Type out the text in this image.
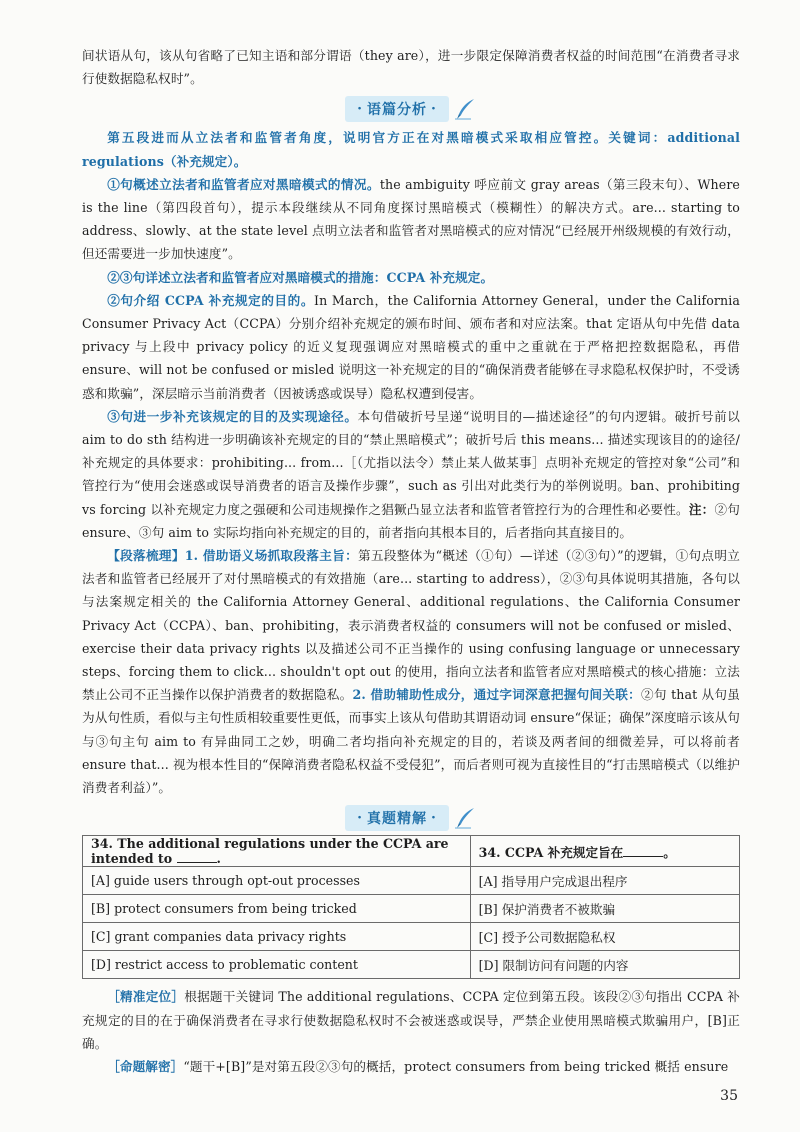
间状语从句，该从句省略了已知主语和部分谓语（they are），进一步限定保障消费者权益的时间范围“在消费者寻求行使数据隐私权时”。

· 语篇分析 ·

第五段进而从立法者和监管者角度，说明官方正在对黑暗模式采取相应管控。关键词：additional regulations（补充规定）。

①句概述立法者和监管者应对黑暗模式的情况。the ambiguity 呼应前文 gray areas（第三段末句）、Where is the line（第四段首句），提示本段继续从不同角度探讨黑暗模式（模糊性）的解决方式。are... starting to address、slowly、at the state level 点明立法者和监管者对黑暗模式的应对情况“已经展开州级规模的有效行动，但还需要进一步加快速度”。

②③句详述立法者和监管者应对黑暗模式的措施：CCPA 补充规定。

②句介绍 CCPA 补充规定的目的。In March，the California Attorney General，under the California Consumer Privacy Act（CCPA）分别介绍补充规定的颁布时间、颁布者和对应法案。that 定语从句中先借 data privacy 与上段中 privacy policy 的近义复现强调应对黑暗模式的重中之重就在于严格把控数据隐私，再借 ensure、will not be confused or misled 说明这一补充规定的目的“确保消费者能够在寻求隐私权保护时，不受诱惑和欺骗”，深层暗示当前消费者（因被诱惑或误导）隐私权遭到侵害。

③句进一步补充该规定的目的及实现途径。本句借破折号呈递“说明目的—描述途径”的句内逻辑。破折号前以 aim to do sth 结构进一步明确该补充规定的目的“禁止黑暗模式”；破折号后 this means... 描述实现该目的的途径/补充规定的具体要求：prohibiting... from...［（尤指以法令）禁止某人做某事］点明补充规定的管控对象“公司”和管控行为“使用会迷惑或误导消费者的语言及操作步骤”，such as 引出对此类行为的举例说明。ban、prohibiting vs forcing 以补充规定力度之强硬和公司违规操作之猖獗凸显立法者和监管者管控行为的合理性和必要性。注：②句 ensure、③句 aim to 实际均指向补充规定的目的，前者指向其根本目的，后者指向其直接目的。

【段落梳理】1. 借助语义场抓取段落主旨：第五段整体为“概述（①句）—详述（②③句）”的逻辑，①句点明立法者和监管者已经展开了对付黑暗模式的有效措施（are... starting to address），②③句具体说明其措施，各句以与法案规定相关的 the California Attorney General、additional regulations、the California Consumer Privacy Act（CCPA）、ban、prohibiting，表示消费者权益的 consumers will not be confused or misled、exercise their data privacy rights 以及描述公司不正当操作的 using confusing language or unnecessary steps、forcing them to click... shouldn't opt out 的使用，指向立法者和监管者应对黑暗模式的核心措施：立法禁止公司不正当操作以保护消费者的数据隐私。2. 借助辅助性成分，通过字词深意把握句间关联：②句 that 从句虽为从句性质，看似与主句性质相较重要性更低，而事实上该从句借助其谓语动词 ensure“保证；确保”深度暗示该从句与③句主句 aim to 有异曲同工之妙，明确二者均指向补充规定的目的，若谈及两者间的细微差异，可以将前者 ensure that... 视为根本性目的“保障消费者隐私权益不受侵犯”，而后者则可视为直接性目的“打击黑暗模式（以维护消费者利益）”。

· 真题精解 ·
34. The additional regulations under the CCPA are intended to .	34. CCPA 补充规定旨在 。
[A] guide users through opt-out processes	[A] 指导用户完成退出程序
[B] protect consumers from being tricked	[B] 保护消费者不被欺骗
[C] grant companies data privacy rights	[C] 授予公司数据隐私权
[D] restrict access to problematic content	[D] 限制访问有问题的内容

［精准定位］根据题干关键词 The additional regulations、CCPA 定位到第五段。该段②③句指出 CCPA 补充规定的目的在于确保消费者在寻求行使数据隐私权时不会被迷惑或误导，严禁企业使用黑暗模式欺骗用户，[B]正确。

［命题解密］“题干+[B]”是对第五段②③句的概括，protect consumers from being tricked 概括 ensure

35
